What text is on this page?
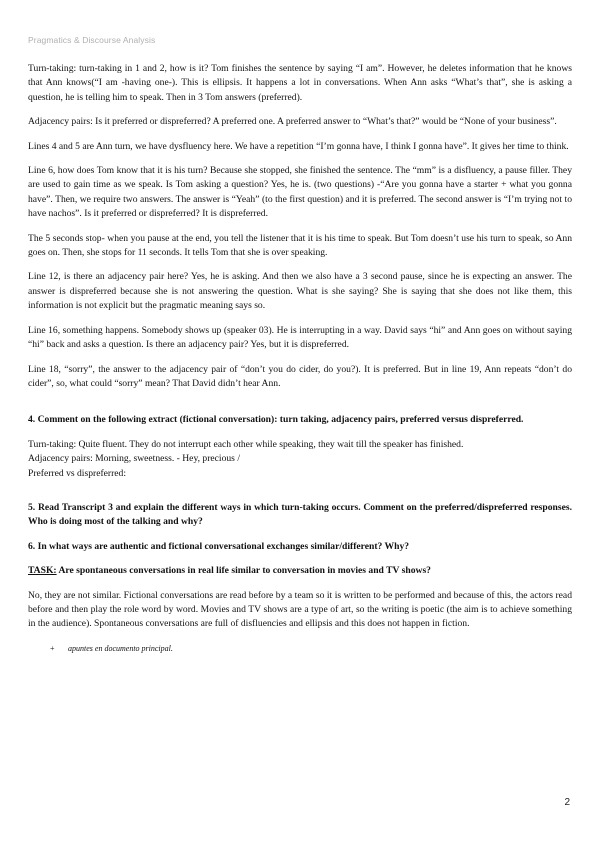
Pragmatics & Discourse Analysis

Turn-taking: turn-taking in 1 and 2, how is it? Tom finishes the sentence by saying “I am”. However, he deletes information that he knows that Ann knows(“I am -having one-). This is ellipsis. It happens a lot in conversations. When Ann asks “What’s that”, she is asking a question, he is telling him to speak. Then in 3 Tom answers (preferred).

Adjacency pairs: Is it preferred or dispreferred? A preferred one. A preferred answer to “What’s that?” would be “None of your business”.

Lines 4 and 5 are Ann turn, we have dysfluency here. We have a repetition “I’m gonna have, I think I gonna have”. It gives her time to think.

Line 6, how does Tom know that it is his turn? Because she stopped, she finished the sentence. The “mm” is a disfluency, a pause filler. They are used to gain time as we speak. Is Tom asking a question? Yes, he is. (two questions) -“Are you gonna have a starter + what you gonna have”. Then, we require two answers. The answer is “Yeah” (to the first question) and it is preferred. The second answer is “I’m trying not to have nachos”. Is it preferred or dispreferred? It is dispreferred.

The 5 seconds stop- when you pause at the end, you tell the listener that it is his time to speak. But Tom doesn’t use his turn to speak, so Ann goes on. Then, she stops for 11 seconds. It tells Tom that she is over speaking.

Line 12, is there an adjacency pair here? Yes, he is asking. And then we also have a 3 second pause, since he is expecting an answer. The answer is dispreferred because she is not answering the question. What is she saying? She is saying that she does not like them, this information is not explicit but the pragmatic meaning says so.

Line 16, something happens. Somebody shows up (speaker 03). He is interrupting in a way. David says “hi” and Ann goes on without saying “hi” back and asks a question. Is there an adjacency pair? Yes, but it is dispreferred.

Line 18, “sorry”, the answer to the adjacency pair of “don’t you do cider, do you?). It is preferred. But in line 19, Ann repeats “don’t do cider”, so, what could “sorry” mean? That David didn’t hear Ann.

4. Comment on the following extract (fictional conversation): turn taking, adjacency pairs, preferred versus dispreferred.

Turn-taking: Quite fluent. They do not interrupt each other while speaking, they wait till the speaker has finished.

Adjacency pairs: Morning, sweetness. - Hey, precious /

Preferred vs dispreferred:

5. Read Transcript 3 and explain the different ways in which turn-taking occurs. Comment on the preferred/dispreferred responses. Who is doing most of the talking and why?
6. In what ways are authentic and fictional conversational exchanges similar/different? Why?
TASK: Are spontaneous conversations in real life similar to conversation in movies and TV shows?

No, they are not similar. Fictional conversations are read before by a team so it is written to be performed and because of this, the actors read before and then play the role word by word. Movies and TV shows are a type of art, so the writing is poetic (the aim is to achieve something in the audience). Spontaneous conversations are full of disfluencies and ellipsis and this does not happen in fiction.

+	apuntes en documento principal.
2
